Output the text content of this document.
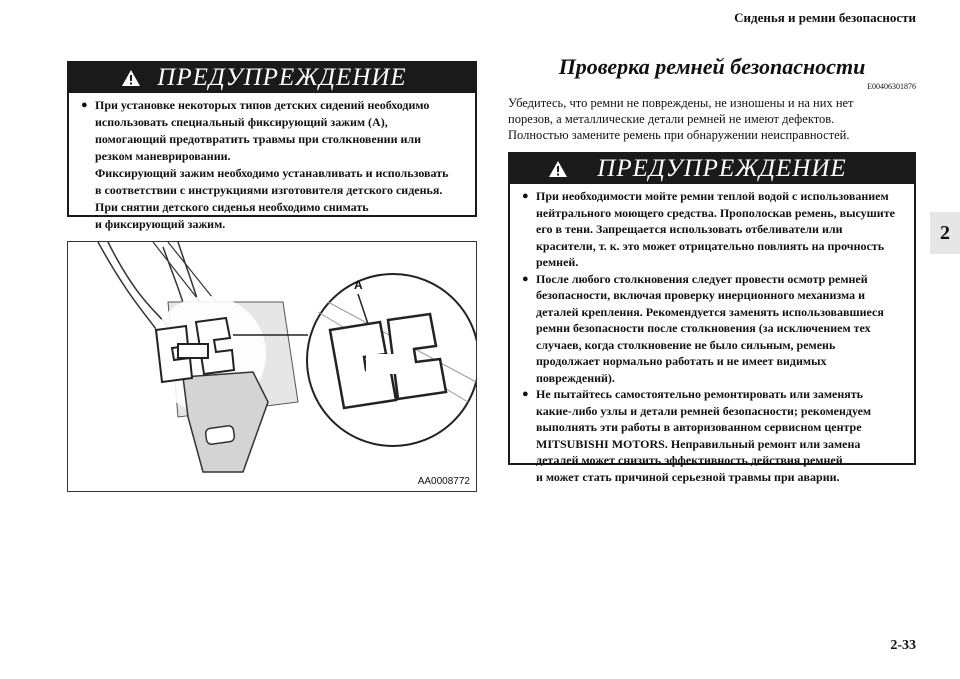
Сиденья и ремни безопасности
2
ПРЕДУПРЕЖДЕНИЕ
● При установке некоторых типов детских сидений необходимо
использовать специальный фиксирующий зажим (A),
помогающий предотвратить травмы при столкновении или
резком маневрировании.
Фиксирующий зажим необходимо устанавливать и использовать
в соответствии с инструкциями изготовителя детского сиденья.
При снятии детского сиденья необходимо снимать
и фиксирующий зажим.
A
AA0008772
Проверка ремней безопасности
E00406301876
Убедитесь, что ремни не повреждены, не изношены и на них нет
порезов, а металлические детали ремней не имеют дефектов.
Полностью замените ремень при обнаружении неисправностей.
ПРЕДУПРЕЖДЕНИЕ
● При необходимости мойте ремни теплой водой с использованием
нейтрального моющего средства. Прополоскав ремень, высушите
его в тени. Запрещается использовать отбеливатели или
красители, т. к. это может отрицательно повлиять на прочность
ремней.
● После любого столкновения следует провести осмотр ремней
безопасности, включая проверку инерционного механизма и
деталей крепления. Рекомендуется заменять использовавшиеся
ремни безопасности после столкновения (за исключением тех
случаев, когда столкновение не было сильным, ремень
продолжает нормально работать и не имеет видимых
повреждений).
● Не пытайтесь самостоятельно ремонтировать или заменять
какие-либо узлы и детали ремней безопасности; рекомендуем
выполнять эти работы в авторизованном сервисном центре
MITSUBISHI MOTORS. Неправильный ремонт или замена
деталей может снизить эффективность действия ремней
и может стать причиной серьезной травмы при аварии.
2-33
